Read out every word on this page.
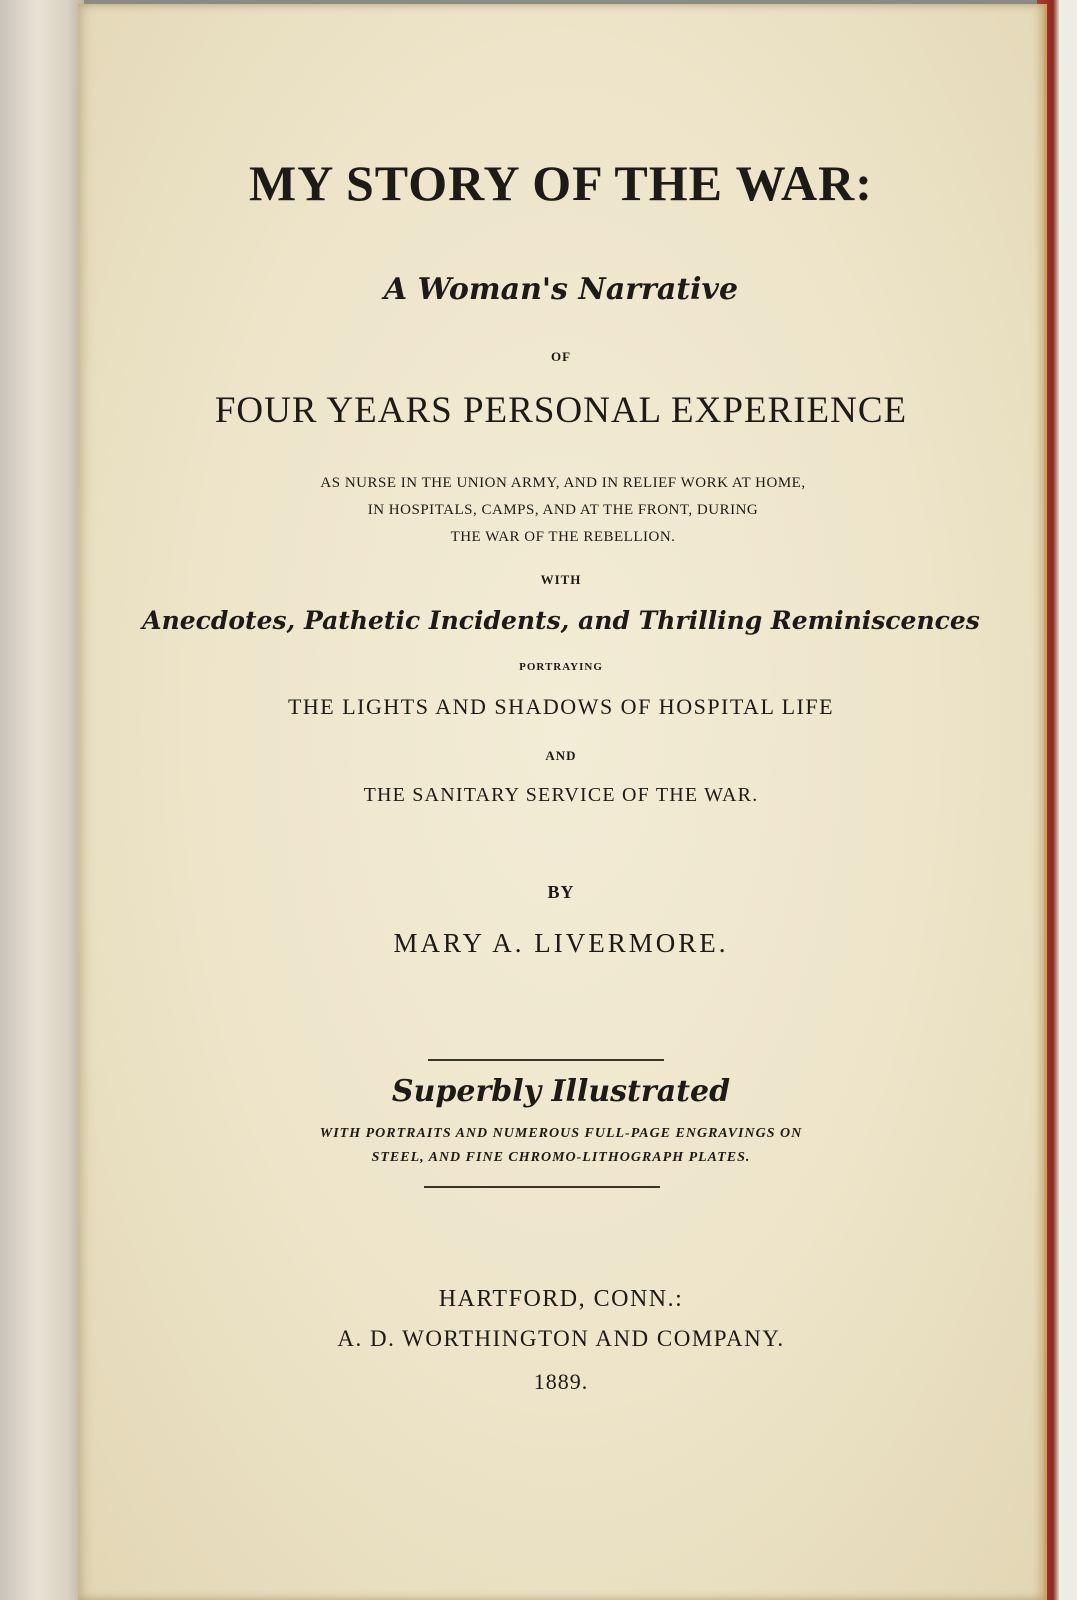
MY STORY OF THE WAR:
A Woman's Narrative
OF
FOUR YEARS PERSONAL EXPERIENCE
AS NURSE IN THE UNION ARMY, AND IN RELIEF WORK AT HOME,
IN HOSPITALS, CAMPS, AND AT THE FRONT, DURING
THE WAR OF THE REBELLION.
WITH
Anecdotes, Pathetic Incidents, and Thrilling Reminiscences
PORTRAYING
THE LIGHTS AND SHADOWS OF HOSPITAL LIFE
AND
THE SANITARY SERVICE OF THE WAR.
BY
MARY A. LIVERMORE.
Superbly Illustrated
WITH PORTRAITS AND NUMEROUS FULL-PAGE ENGRAVINGS ON
STEEL, AND FINE CHROMO-LITHOGRAPH PLATES.
HARTFORD, CONN.:
A. D. WORTHINGTON AND COMPANY.
1889.
